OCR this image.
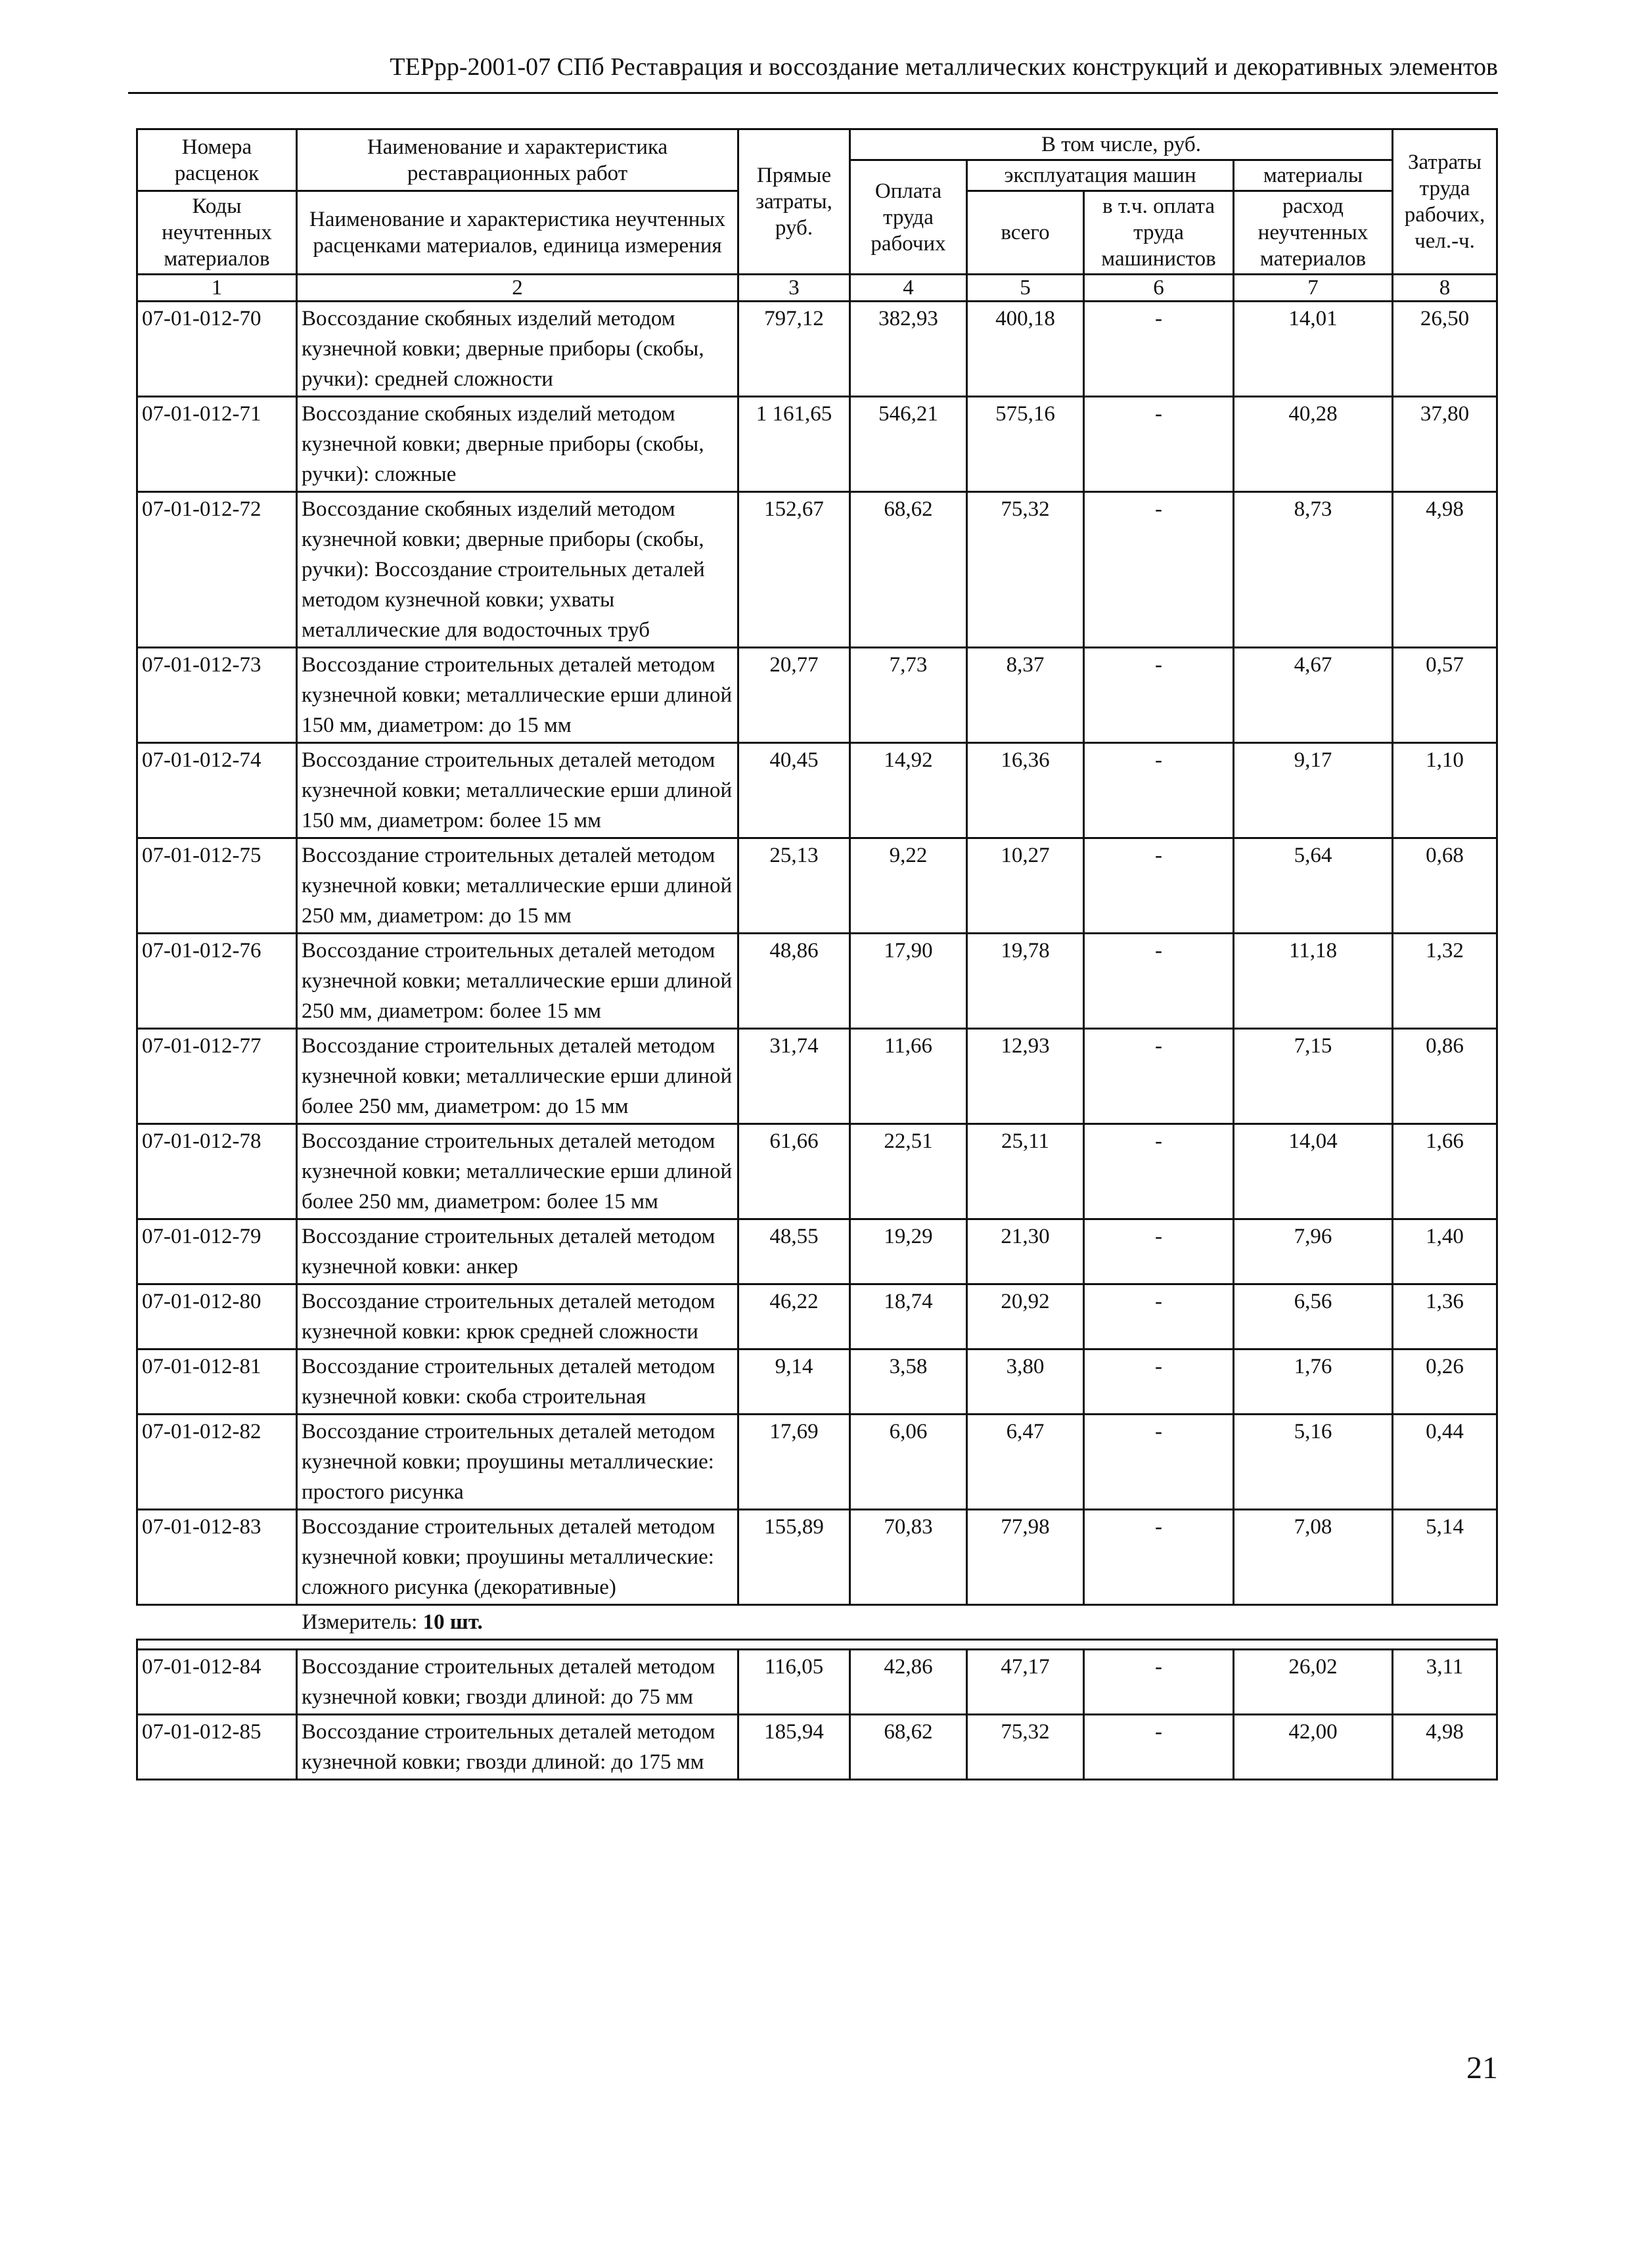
ТЕРрр-2001-07 СПб Реставрация и воссоздание металлических конструкций и декоративных элементов
Номера расценок	Наименование и характеристика реставрационных работ	Прямые затраты, руб.	В том числе, руб.				Затраты труда рабочих, чел.-ч.
			Оплата труда рабочих	эксплуатация машин		материалы	
				всего	в т.ч. оплата труда машинистов	расход неучтенных материалов	
Коды неучтенных материалов	Наименование и характеристика неучтенных расценками материалов, единица измерения						

1	2	3	4	5	6	7	8
07-01-012-70	Воссоздание скобяных изделий методом кузнечной ковки; дверные приборы (скобы, ручки): средней сложности	797,12	382,93	400,18	-	14,01	26,50
07-01-012-71	Воссоздание скобяных изделий методом кузнечной ковки; дверные приборы (скобы, ручки): сложные	1 161,65	546,21	575,16	-	40,28	37,80
07-01-012-72	Воссоздание скобяных изделий методом кузнечной ковки; дверные приборы (скобы, ручки): Воссоздание строительных деталей методом кузнечной ковки; ухваты металлические для водосточных труб	152,67	68,62	75,32	-	8,73	4,98
07-01-012-73	Воссоздание строительных деталей методом кузнечной ковки; металлические ерши длиной 150 мм, диаметром: до 15 мм	20,77	7,73	8,37	-	4,67	0,57
07-01-012-74	Воссоздание строительных деталей методом кузнечной ковки; металлические ерши длиной 150 мм, диаметром: более 15 мм	40,45	14,92	16,36	-	9,17	1,10
07-01-012-75	Воссоздание строительных деталей методом кузнечной ковки; металлические ерши длиной 250 мм, диаметром: до 15 мм	25,13	9,22	10,27	-	5,64	0,68
07-01-012-76	Воссоздание строительных деталей методом кузнечной ковки; металлические ерши длиной 250 мм, диаметром: более 15 мм	48,86	17,90	19,78	-	11,18	1,32
07-01-012-77	Воссоздание строительных деталей методом кузнечной ковки; металлические ерши длиной более 250 мм, диаметром: до 15 мм	31,74	11,66	12,93	-	7,15	0,86
07-01-012-78	Воссоздание строительных деталей методом кузнечной ковки; металлические ерши длиной более 250 мм, диаметром: более 15 мм	61,66	22,51	25,11	-	14,04	1,66
07-01-012-79	Воссоздание строительных деталей методом кузнечной ковки: анкер	48,55	19,29	21,30	-	7,96	1,40
07-01-012-80	Воссоздание строительных деталей методом кузнечной ковки: крюк средней сложности	46,22	18,74	20,92	-	6,56	1,36
07-01-012-81	Воссоздание строительных деталей методом кузнечной ковки: скоба строительная	9,14	3,58	3,80	-	1,76	0,26
07-01-012-82	Воссоздание строительных деталей методом кузнечной ковки; проушины металлические: простого рисунка	17,69	6,06	6,47	-	5,16	0,44
07-01-012-83	Воссоздание строительных деталей методом кузнечной ковки; проушины металлические: сложного рисунка (декоративные)	155,89	70,83	77,98	-	7,08	5,14
	Измеритель: 10 шт.						

07-01-012-84	Воссоздание строительных деталей методом кузнечной ковки; гвозди длиной: до 75 мм	116,05	42,86	47,17	-	26,02	3,11
07-01-012-85	Воссоздание строительных деталей методом кузнечной ковки; гвозди длиной: до 175 мм	185,94	68,62	75,32	-	42,00	4,98
21
